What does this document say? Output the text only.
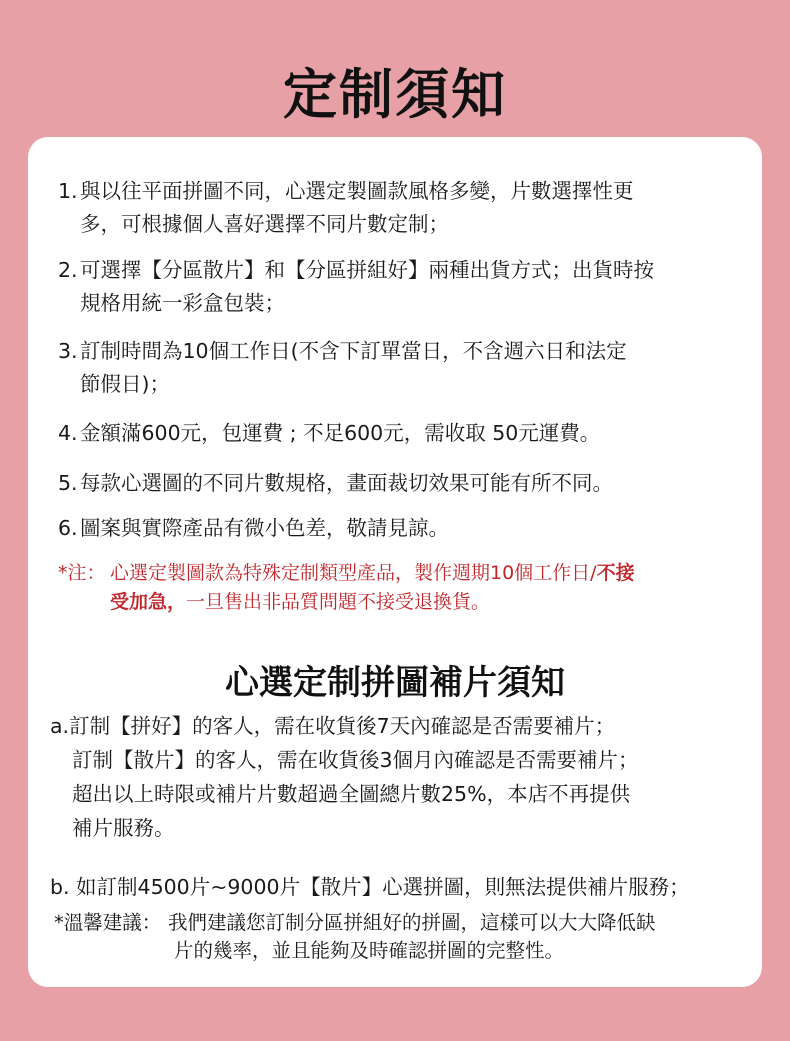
定制須知
1. 與以往平面拼圖不同，心選定製圖款風格多變，片數選擇性更
多，可根據個人喜好選擇不同片數定制；
2. 可選擇【分區散片】和【分區拼組好】兩種出貨方式；出貨時按
規格用統一彩盒包裝；
3. 訂制時間為10個工作日(不含下訂單當日，不含週六日和法定
節假日)；
4. 金額滿600元，包運費 ; 不足600元，需收取 50元運費。
5. 每款心選圖的不同片數規格，畫面裁切效果可能有所不同。
6. 圖案與實際產品有微小色差，敬請見諒。
*注： 心選定製圖款為特殊定制類型產品，製作週期10個工作日/不接
受加急，一旦售出非品質問題不接受退換貨。
心選定制拼圖補片須知
a.訂制【拼好】的客人，需在收貨後7天內確認是否需要補片；
訂制【散片】的客人，需在收貨後3個月內確認是否需要補片；
超出以上時限或補片片數超過全圖總片數25%，本店不再提供
補片服務。
b. 如訂制4500片~9000片【散片】心選拼圖，則無法提供補片服務；
*溫馨建議： 我們建議您訂制分區拼組好的拼圖，這樣可以大大降低缺
片的幾率，並且能夠及時確認拼圖的完整性。
